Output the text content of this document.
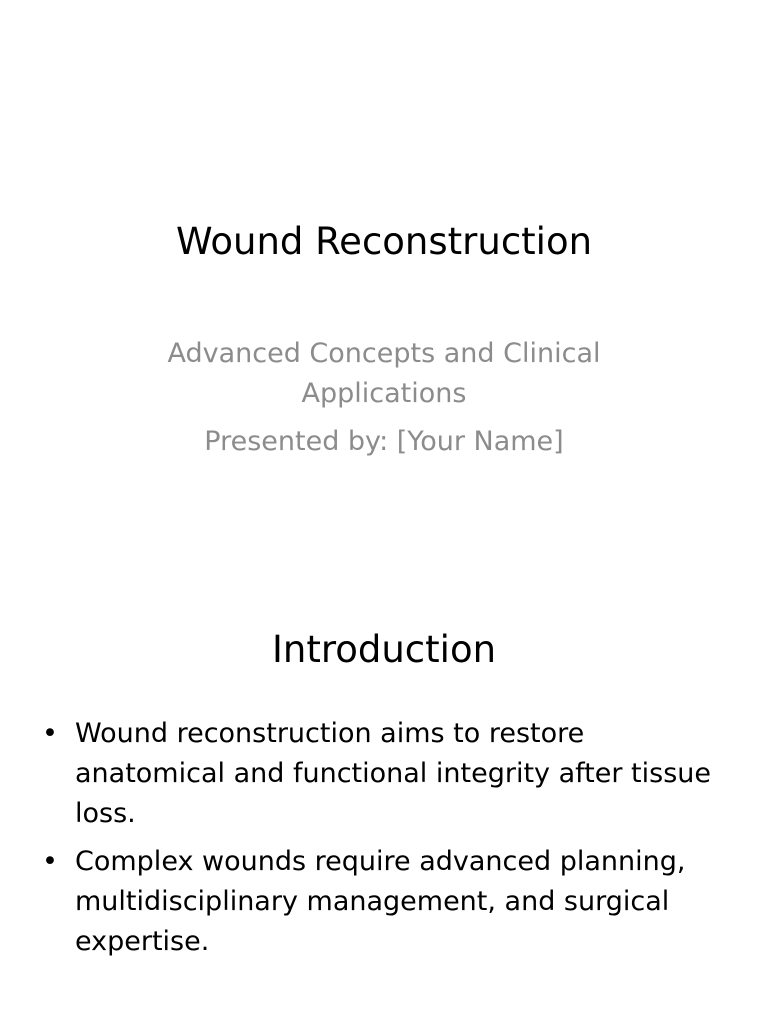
Wound Reconstruction

Advanced Concepts and Clinical Applications

Presented by: [Your Name]

Introduction
• Wound reconstruction aims to restore anatomical and functional integrity after tissue loss.
• Complex wounds require advanced planning, multidisciplinary management, and surgical expertise.
